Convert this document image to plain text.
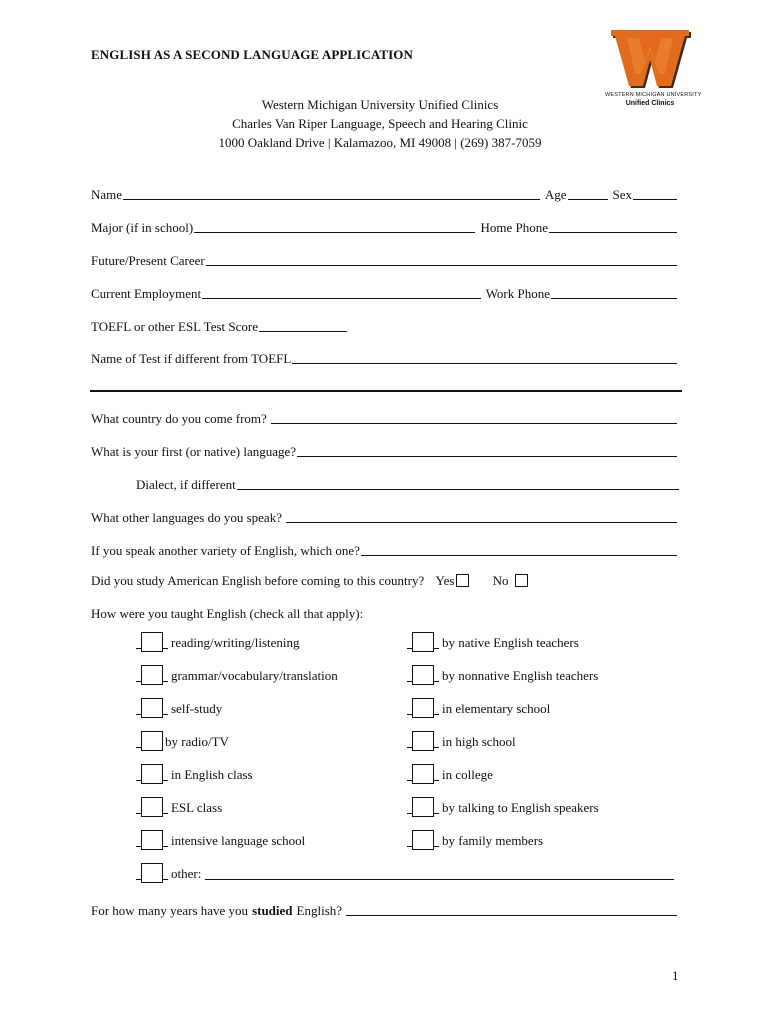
ENGLISH AS A SECOND LANGUAGE APPLICATION
WESTERN MICHIGAN UNIVERSITY
Unified Clinics
Western Michigan University Unified Clinics
Charles Van Riper Language, Speech and Hearing Clinic
1000 Oakland Drive | Kalamazoo, MI 49008 | (269) 387-7059
Name	Age	Sex
Major (if in school)	Home Phone
Future/Present Career
Current Employment	Work Phone
TOEFL or other ESL Test Score
Name of Test if different from TOEFL
What country do you come from?
What is your first (or native) language?
Dialect, if different
What other languages do you speak?
If you speak another variety of English, which one?
Did you study American English before coming to this country? Yes	No
How were you taught English (check all that apply):
reading/writing/listening
grammar/vocabulary/translation
self-study
by radio/TV
in English class
ESL class
intensive language school
by native English teachers
by nonnative English teachers
in elementary school
in high school
in college
by talking to English speakers
by family members
other:
For how many years have you studied English?
1
